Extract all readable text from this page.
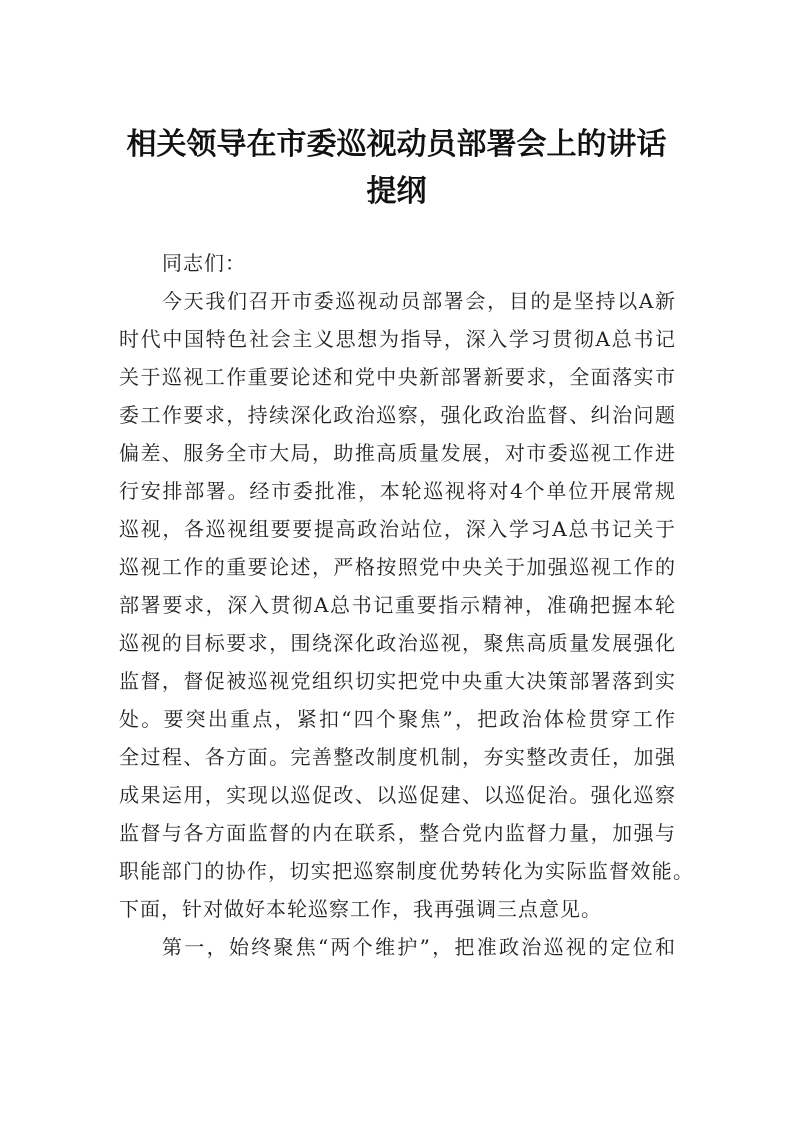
相关领导在市委巡视动员部署会上的讲话
提纲
同志们：
今天我们召开市委巡视动员部署会，目的是坚持以A新
时代中国特色社会主义思想为指导，深入学习贯彻A总书记
关于巡视工作重要论述和党中央新部署新要求，全面落实市
委工作要求，持续深化政治巡察，强化政治监督、纠治问题
偏差、服务全市大局，助推高质量发展，对市委巡视工作进
行安排部署。经市委批准，本轮巡视将对4个单位开展常规
巡视，各巡视组要要提高政治站位，深入学习A总书记关于
巡视工作的重要论述，严格按照党中央关于加强巡视工作的
部署要求，深入贯彻A总书记重要指示精神，准确把握本轮
巡视的目标要求，围绕深化政治巡视，聚焦高质量发展强化
监督，督促被巡视党组织切实把党中央重大决策部署落到实
处。要突出重点，紧扣“四个聚焦”，把政治体检贯穿工作
全过程、各方面。完善整改制度机制，夯实整改责任，加强
成果运用，实现以巡促改、以巡促建、以巡促治。强化巡察
监督与各方面监督的内在联系，整合党内监督力量，加强与
职能部门的协作，切实把巡察制度优势转化为实际监督效能。
下面，针对做好本轮巡察工作，我再强调三点意见。
第一，始终聚焦“两个维护”，把准政治巡视的定位和
